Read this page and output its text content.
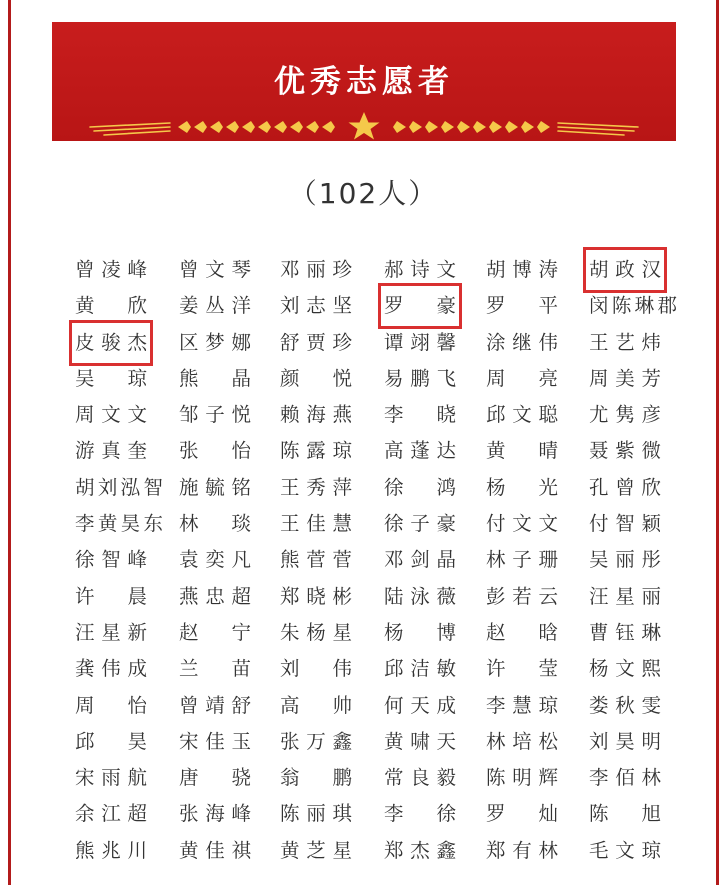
优秀志愿者
（102人）
曾凌峰 曾文琴 邓丽珍 郝诗文 胡博涛 胡政汉
黄欣 姜丛洋 刘志坚 罗豪 罗平 闵陈琳郡
皮骏杰 区梦娜 舒贾珍 谭翊馨 涂继伟 王艺炜
吴琼 熊晶 颜悦 易鹏飞 周亮 周美芳
周文文 邹子悦 赖海燕 李晓 邱文聪 尤隽彦
游真奎 张怡 陈露琼 高蓬达 黄晴 聂紫微
胡刘泓智 施毓铭 王秀萍 徐鸿 杨光 孔曾欣
李黄昊东 林琰 王佳慧 徐子豪 付文文 付智颖
徐智峰 袁奕凡 熊菅菅 邓剑晶 林子珊 吴丽彤
许晨 燕忠超 郑晓彬 陆泳薇 彭若云 汪星丽
汪星新 赵宁 朱杨星 杨博 赵晗 曹钰琳
龚伟成 兰苗 刘伟 邱洁敏 许莹 杨文熙
周怡 曾靖舒 高帅 何天成 李慧琼 娄秋雯
邱昊 宋佳玉 张万鑫 黄啸天 林培松 刘昊明
宋雨航 唐骁 翁鹏 常良毅 陈明辉 李佰林
余江超 张海峰 陈丽琪 李徐 罗灿 陈旭
熊兆川 黄佳祺 黄芝星 郑杰鑫 郑有林 毛文琼
